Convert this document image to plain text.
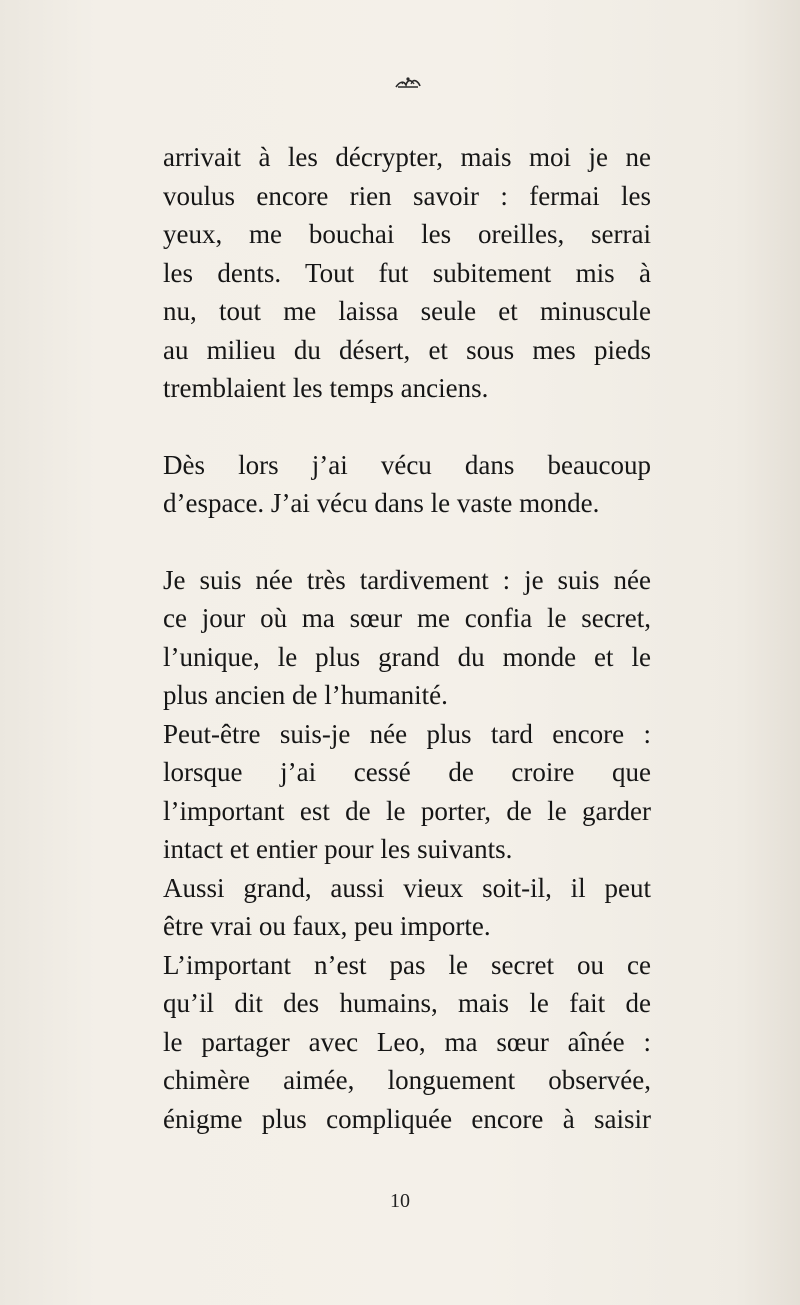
arrivait à les décrypter, mais moi je ne
voulus encore rien savoir : fermai les
yeux, me bouchai les oreilles, serrai
les dents. Tout fut subitement mis à
nu, tout me laissa seule et minuscule
au milieu du désert, et sous mes pieds
tremblaient les temps anciens.
Dès lors j’ai vécu dans beaucoup
d’espace. J’ai vécu dans le vaste monde.
Je suis née très tardivement : je suis née
ce jour où ma sœur me confia le secret,
l’unique, le plus grand du monde et le
plus ancien de l’humanité.
Peut-être suis-je née plus tard encore :
lorsque j’ai cessé de croire que
l’important est de le porter, de le garder
intact et entier pour les suivants.
Aussi grand, aussi vieux soit-il, il peut
être vrai ou faux, peu importe.
L’important n’est pas le secret ou ce
qu’il dit des humains, mais le fait de
le partager avec Leo, ma sœur aînée :
chimère aimée, longuement observée,
énigme plus compliquée encore à saisir
10
